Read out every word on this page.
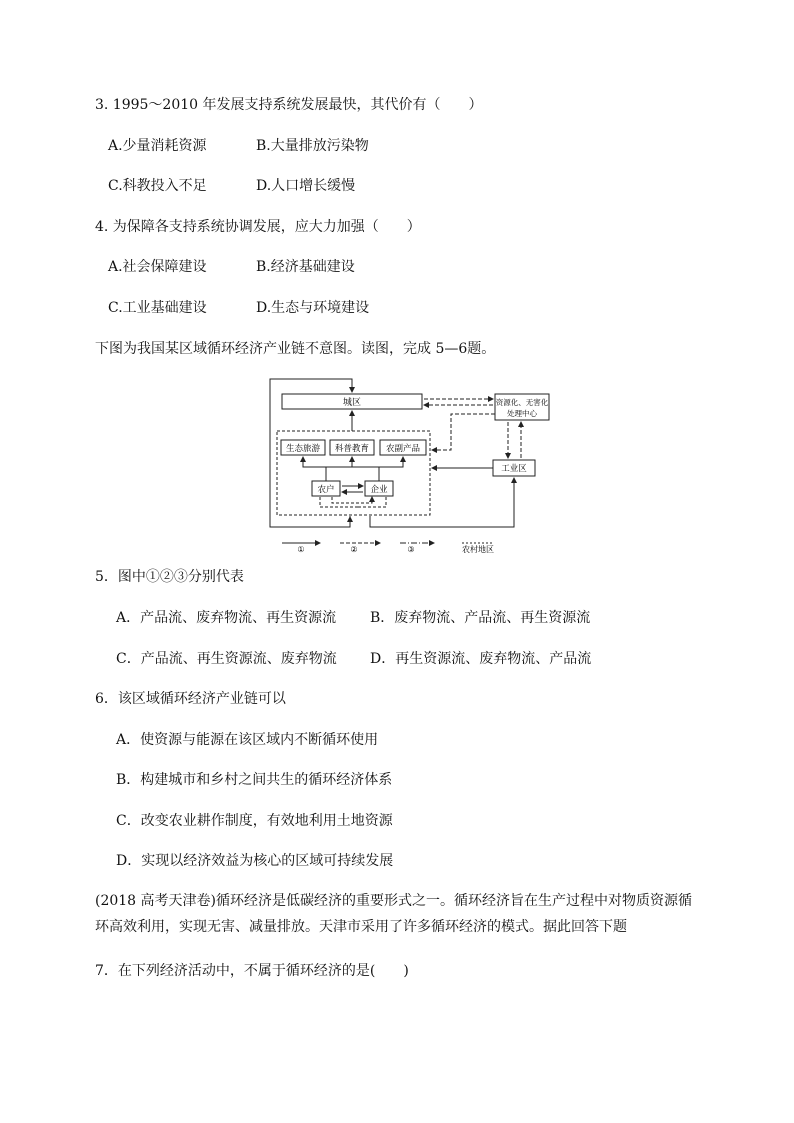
3. 1995～2010 年发展支持系统发展最快，其代价有（　　）
A.少量消耗资源	B.大量排放污染物
C.科教投入不足	D.人口增长缓慢
4. 为保障各支持系统协调发展，应大力加强（　　）
A.社会保障建设	B.经济基础建设
C.工业基础建设	D.生态与环境建设
下图为我国某区域循环经济产业链不意图。读图，完成 5—6题。
城区	资源化、无害化
处理中心
生态旅游 科普教育 农副产品
农户	企业
工业区
①	②	③	农村地区
5．图中①②③分别代表
A．产品流、废弃物流、再生资源流 B．废弃物流、产品流、再生资源流
C．产品流、再生资源流、废弃物流 D．再生资源流、废弃物流、产品流
6．该区域循环经济产业链可以
A．使资源与能源在该区域内不断循环使用
B．构建城市和乡村之间共生的循环经济体系
C．改变农业耕作制度，有效地利用土地资源
D．实现以经济效益为核心的区域可持续发展
(2018 高考天津卷)循环经济是低碳经济的重要形式之一。循环经济旨在生产过程中对物质资源循环高效利用，实现无害、减量排放。天津市采用了许多循环经济的模式。据此回答下题
7．在下列经济活动中，不属于循环经济的是(　　)
